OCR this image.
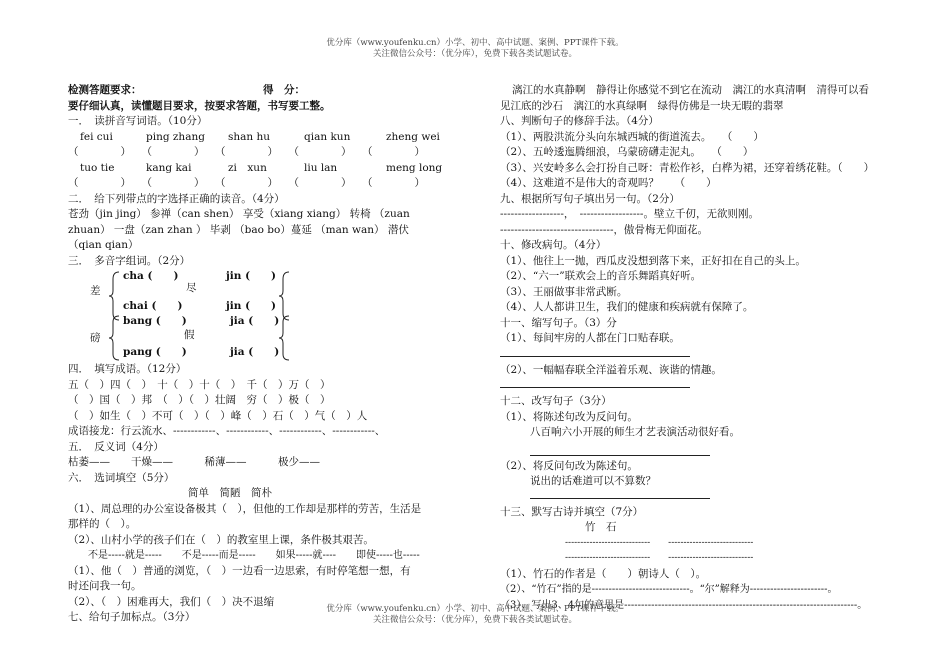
优分库（www.youfenku.cn）小学、初中、高中试题、案例、PPT课件下载。
关注微信公众号：（优分库），免费下载各类试题试卷。
检测答题要求：	得　分：
要仔细认真，读懂题目要求，按要求答题，书写要工整。
一．　读拼音写词语。（10分）
fei cui	ping zhang shan hu	qian kun	zheng wei
（　　　　）　　（　　　　）　　（　　　　）　　（　　　　）　　（　　　　）
tuo tie	kang kai	zi　xun	liu lan	meng long
（　　　　）　　（　　　　）　　（　　　　）　　（　　　　）　　（　　　　）
二．　给下列带点的字选择正确的读音。（4分）
苍劲（jin jing） 参禅（can shen） 享受（xiang xiang） 转椅 （zuan
zhuan） 一盘（zan zhan ） 毕剥 （bao bo）蔓延 （man wan） 潜伏
（qian qian）
三．　多音字组词。（2分）
cha (　　)	jin (　　)
差	尽
chai (　　)	jin (　　)
bang (　　)	jia (　　)
磅	假
pang (　　)	jia (　　)
四．　填写成语。（12分）
五（　）四（　）　十（　）十（　）　千（　）万（　）
（　）国（　）邦　（　）（　）壮阔　穷（　）极（　）
（　）如生（　）不可（　）（　）峰（　）石（　）气（　）人
成语接龙：行云流水、------------、------------、------------、------------、
五．　反义词（4分）
枯萎——　　干燥——　　　稀薄——　　　极少——
六．　选词填空（5分）
简单　简陋　简朴
（1）、周总理的办公室设备极其（　），但他的工作却是那样的劳苦，生活是
那样的（　）。
（2）、山村小学的孩子们在（　）的教室里上课，条件极其艰苦。
不是-----就是-----　　不是-----而是-----　　如果-----就----　　即使-----也-----
（1）、他（　）普通的浏览，（　）一边看一边思索，有时停笔想一想，有
时还问我一句。
（2）、（　）困难再大，我们（　）决不退缩
七、给句子加标点。（3分）
漓江的水真静啊　静得让你感觉不到它在流动　漓江的水真清啊　清得可以看
见江底的沙石　漓江的水真绿啊　绿得仿佛是一块无暇的翡翠
八、判断句子的修辞手法。（4分）
（1）、两股洪流分头向东城西城的街道流去。　　（　　）
（2）、五岭逶迤腾细浪，乌蒙磅礴走泥丸。　　（　　）
（3）、兴安岭多么会打扮自己呀：青松作衫，白桦为裙，还穿着绣花鞋。（　　）
（4）、这难道不是伟大的奇观吗？　　（　　）
九、根据所写句子填出另一句。（2分）
------------------，　------------------。壁立千仞，无欲则刚。
--------------------------------，傲骨梅无仰面花。
十、修改病句。（4分）
（1）、他往上一抛，西瓜皮没想到落下来，正好扣在自己的头上。
（2）、“六一”联欢会上的音乐舞蹈真好听。
（3）、王丽做事非常武断。
（4）、人人都讲卫生，我们的健康和疾病就有保障了。
十一、缩写句子。（3）分
（1）、每间牢房的人都在门口贴春联。
（2）、一幅幅春联全洋溢着乐观、诙谐的情趣。
十二、改写句子（3分）
（1）、将陈述句改为反问句。
八百响六小开展的师生才艺表演活动很好看。
（2）、将反问句改为陈述句。
说出的话难道可以不算数？
十三、默写古诗并填空（7分）
竹　石
----------------------------　　----------------------------
----------------------------　　----------------------------
（1）、竹石的作者是（　　）朝诗人（　）。
（2）、“竹石”指的是-----------------------------。“尔”解释为-----------------------。
（3）、写出3、4句的意思是---------------------------------------------------------------------。
优分库（www.youfenku.cn）小学、初中、高中试题、案例、PPT课件下载。
关注微信公众号：（优分库），免费下载各类试题试卷。
